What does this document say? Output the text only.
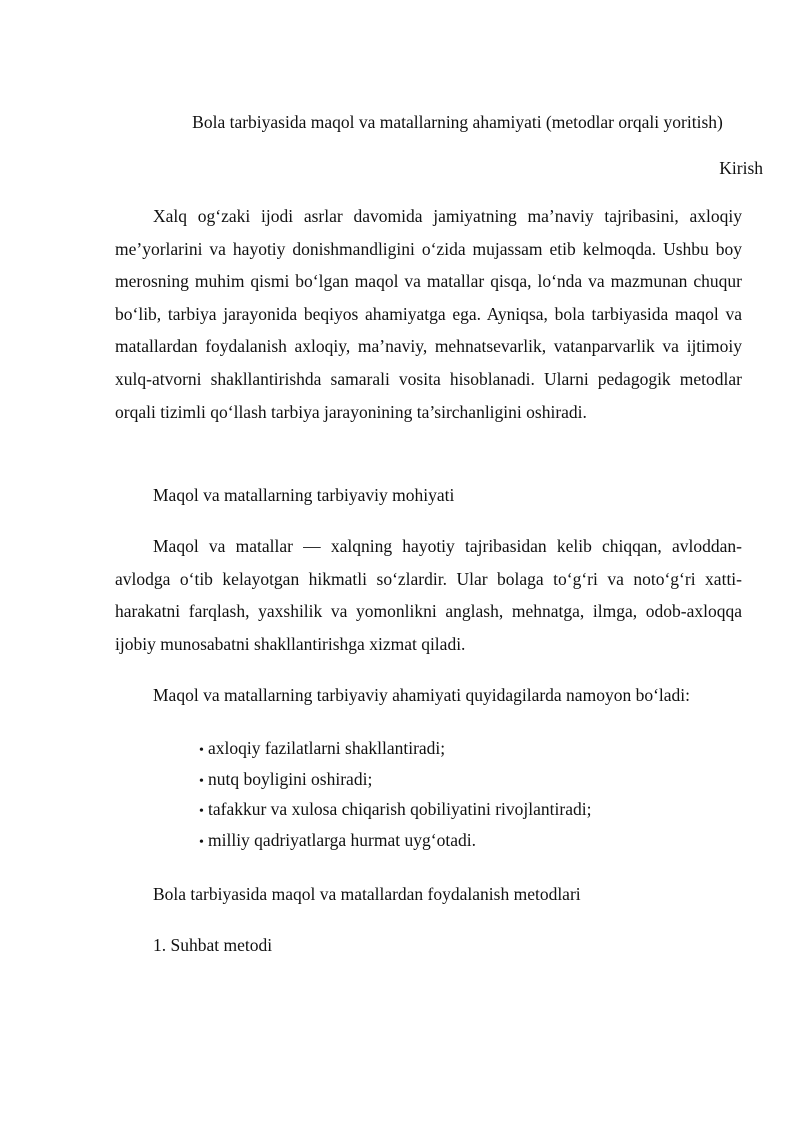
Bola tarbiyasida maqol va matallarning ahamiyati (metodlar orqali yoritish)
Kirish

Xalq og‘zaki ijodi asrlar davomida jamiyatning ma’naviy tajribasini, axloqiy me’yorlarini va hayotiy donishmandligini o‘zida mujassam etib kelmoqda. Ushbu boy merosning muhim qismi bo‘lgan maqol va matallar qisqa, lo‘nda va mazmunan chuqur bo‘lib, tarbiya jarayonida beqiyos ahamiyatga ega. Ayniqsa, bola tarbiyasida maqol va matallardan foydalanish axloqiy, ma’naviy, mehnatsevarlik, vatanparvarlik va ijtimoiy xulq-atvorni shakllantirishda samarali vosita hisoblanadi. Ularni pedagogik metodlar orqali tizimli qo‘llash tarbiya jarayonining ta’sirchanligini oshiradi.

Maqol va matallarning tarbiyaviy mohiyati

Maqol va matallar — xalqning hayotiy tajribasidan kelib chiqqan, avloddan-avlodga o‘tib kelayotgan hikmatli so‘zlardir. Ular bolaga to‘g‘ri va noto‘g‘ri xatti-harakatni farqlash, yaxshilik va yomonlikni anglash, mehnatga, ilmga, odob-axloqqa ijobiy munosabatni shakllantirishga xizmat qiladi.

Maqol va matallarning tarbiyaviy ahamiyati quyidagilarda namoyon bo‘ladi:

• axloqiy fazilatlarni shakllantiradi;
• nutq boyligini oshiradi;
• tafakkur va xulosa chiqarish qobiliyatini rivojlantiradi;
• milliy qadriyatlarga hurmat uyg‘otadi.

Bola tarbiyasida maqol va matallardan foydalanish metodlari

1. Suhbat metodi
